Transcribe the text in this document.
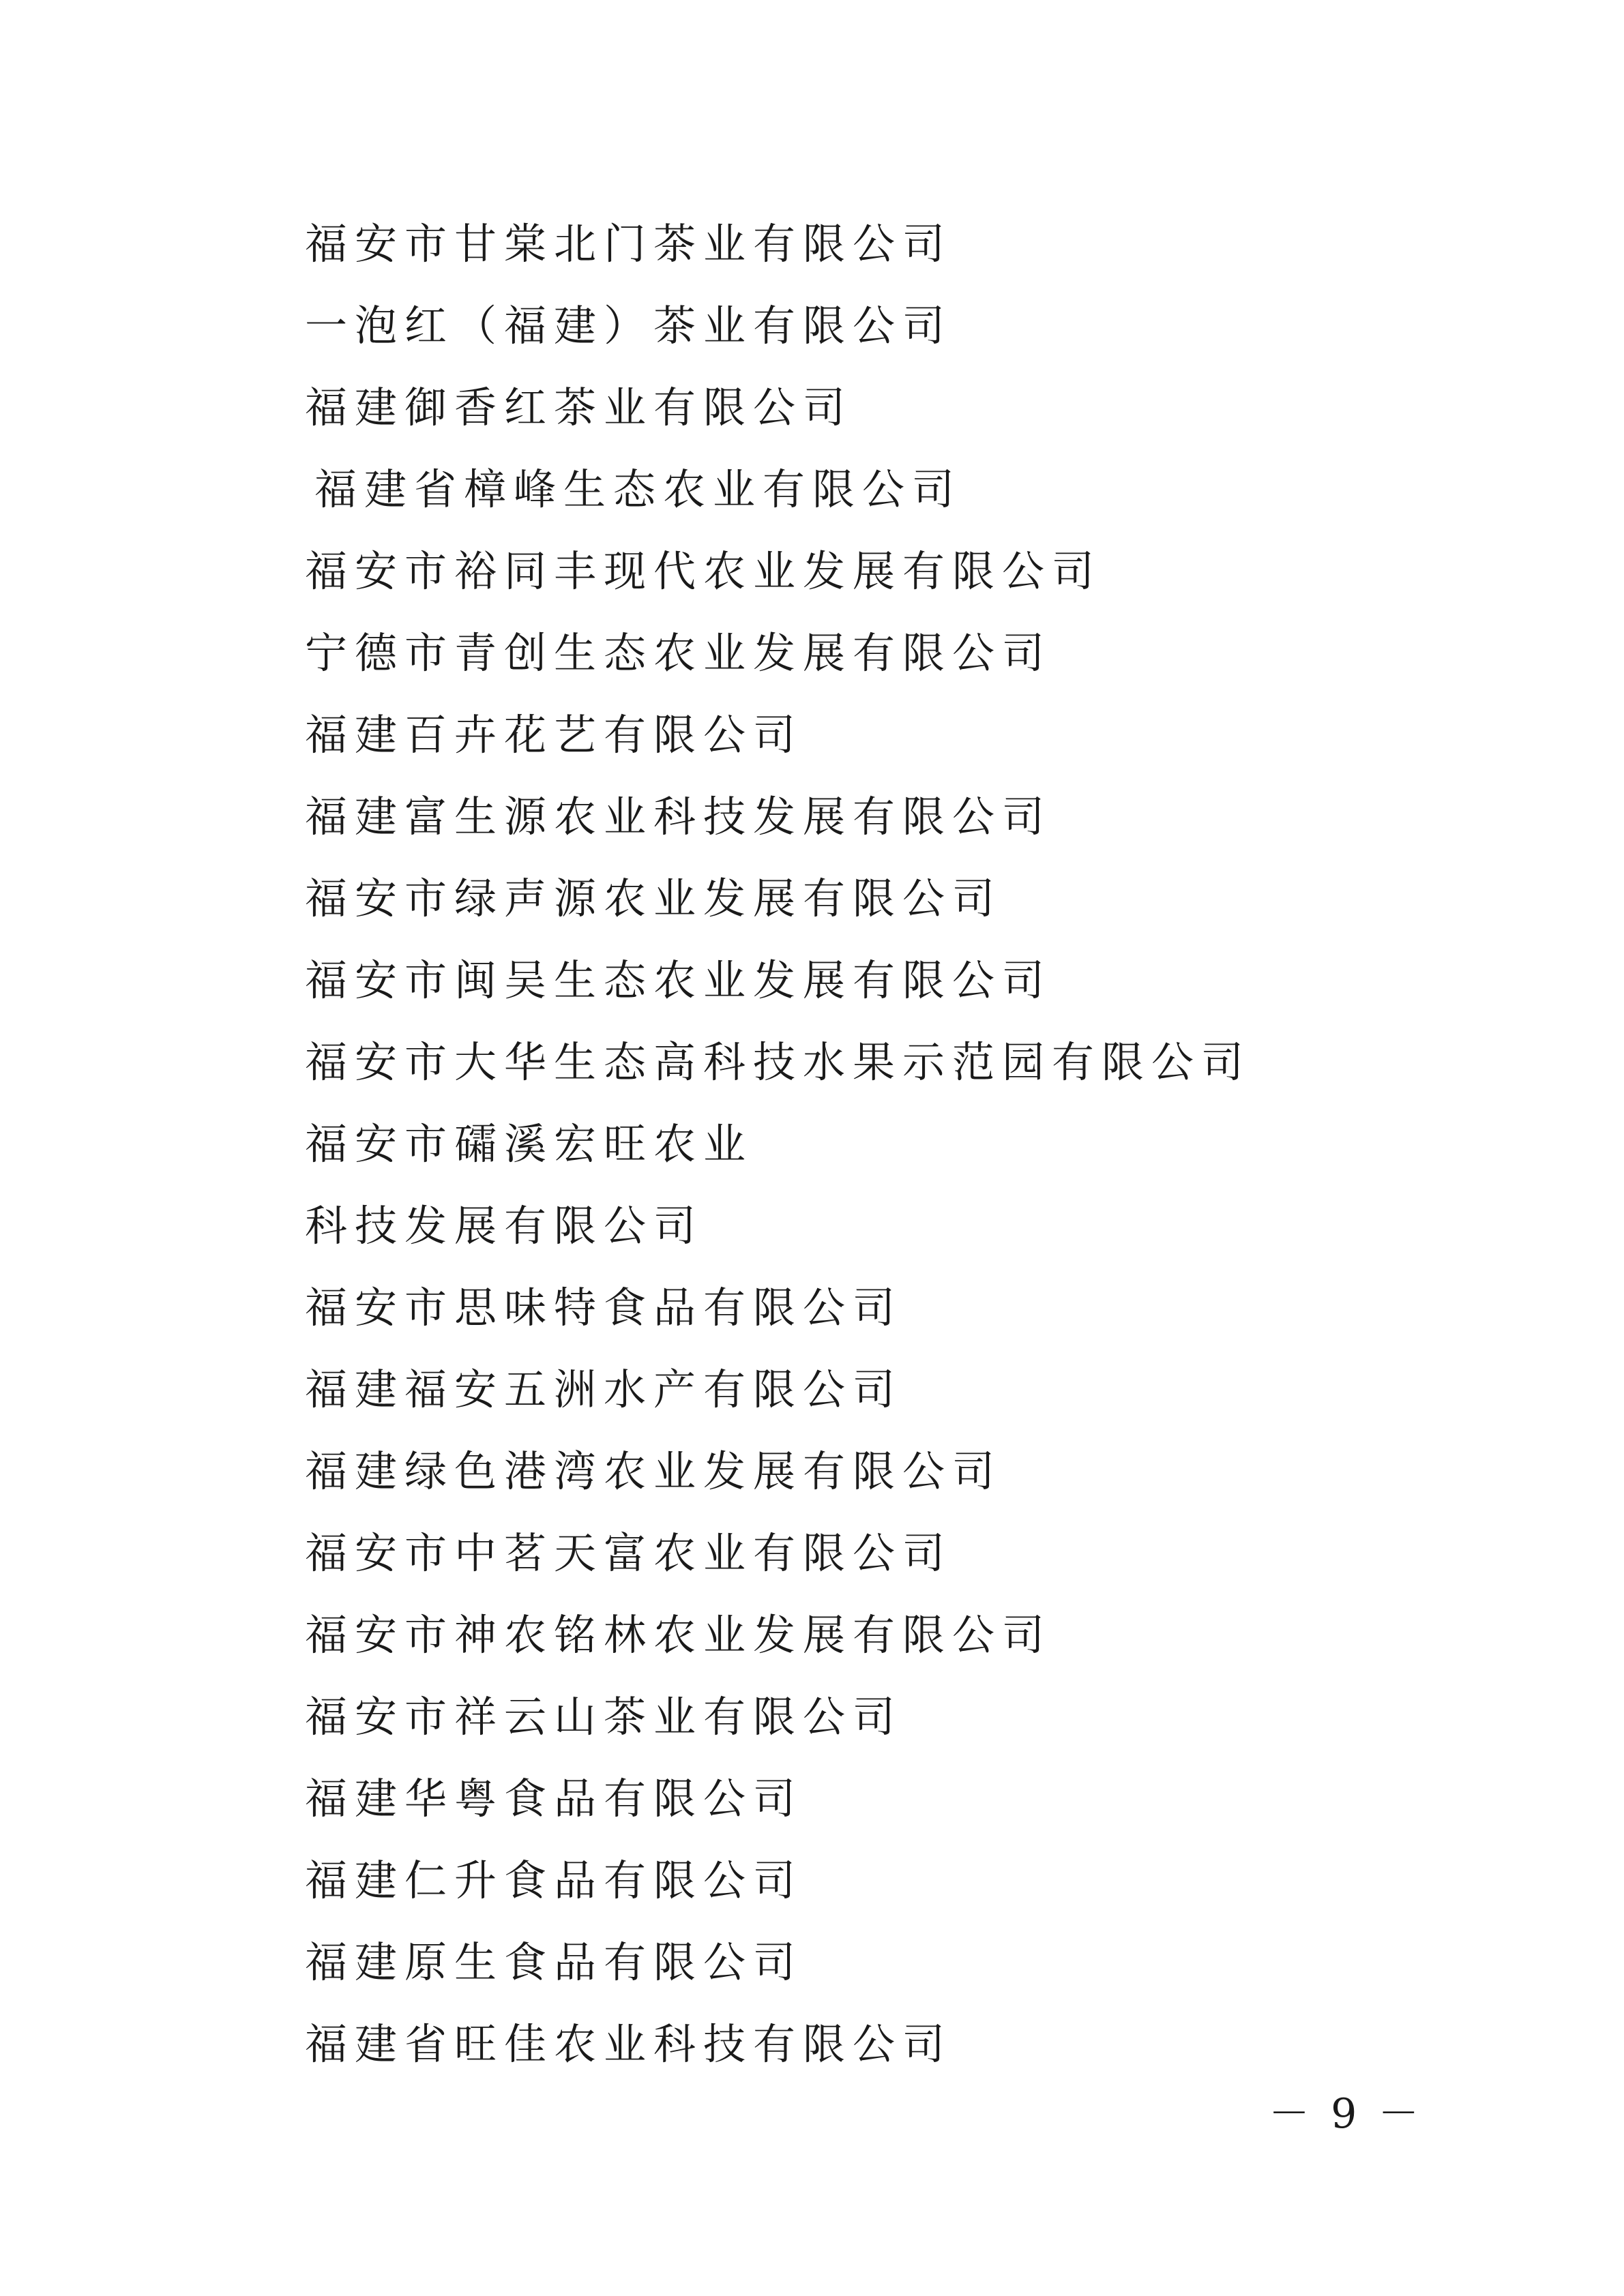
福安市甘棠北门茶业有限公司
一泡红（福建）茶业有限公司
福建御香红茶业有限公司
福建省樟峰生态农业有限公司
福安市裕同丰现代农业发展有限公司
宁德市青创生态农业发展有限公司
福建百卉花艺有限公司
福建富生源农业科技发展有限公司
福安市绿声源农业发展有限公司
福安市闽吴生态农业发展有限公司
福安市大华生态高科技水果示范园有限公司
福安市礵溪宏旺农业
科技发展有限公司
福安市思味特食品有限公司
福建福安五洲水产有限公司
福建绿色港湾农业发展有限公司
福安市中茗天富农业有限公司
福安市神农铭林农业发展有限公司
福安市祥云山茶业有限公司
福建华粤食品有限公司
福建仁升食品有限公司
福建原生食品有限公司
福建省旺佳农业科技有限公司
－ 9 －
